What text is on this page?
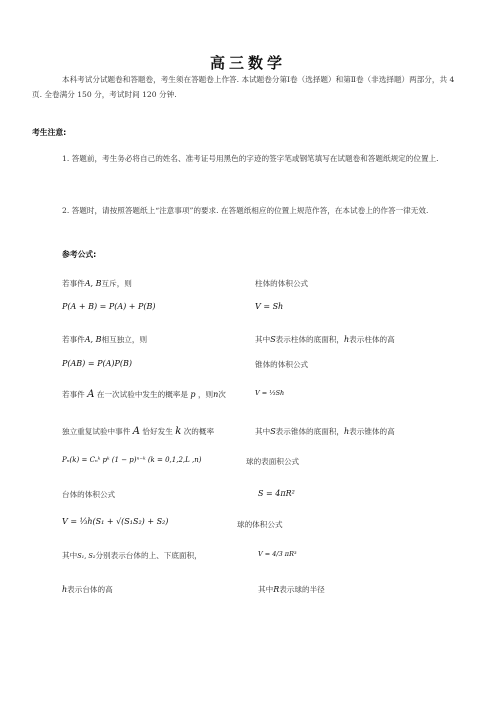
高三数学
本科考试分试题卷和答题卷，考生须在答题卷上作答. 本试题卷分第Ⅰ卷（选择题）和第Ⅱ卷（非选择题）两部分，共 4 页. 全卷满分 150 分，考试时间 120 分钟.
考生注意:
1. 答题前，考生务必将自己的姓名、准考证号用黑色的字迹的签字笔或钢笔填写在试题卷和答题纸规定的位置上.
2. 答题时，请按照答题纸上“注意事项”的要求. 在答题纸相应的位置上规范作答，在本试卷上的作答一律无效.
参考公式:
若事件A, B互斥，则
P(A + B) = P(A) + P(B)
若事件A, B相互独立，则
P(AB) = P(A)P(B)
若事件 A 在一次试验中发生的概率是 p ，则n次
独立重复试验中事件 A 恰好发生 k 次的概率
Pₙ(k) = Cₙᵏ pᵏ (1 − p)ⁿ⁻ᵏ (k = 0,1,2,L ,n)
台体的体积公式
V = ⅓h(S₁ + √(S₁S₂) + S₂)
其中S₁, S₂分别表示台体的上、下底面积，
h表示台体的高
柱体的体积公式
V = Sh
其中S表示柱体的底面积，h表示柱体的高
锥体的体积公式
V = ⅓Sh
其中S表示锥体的底面积，h表示锥体的高
球的表面积公式
S = 4πR²
球的体积公式
V = 4/3 πR³
其中R表示球的半径
